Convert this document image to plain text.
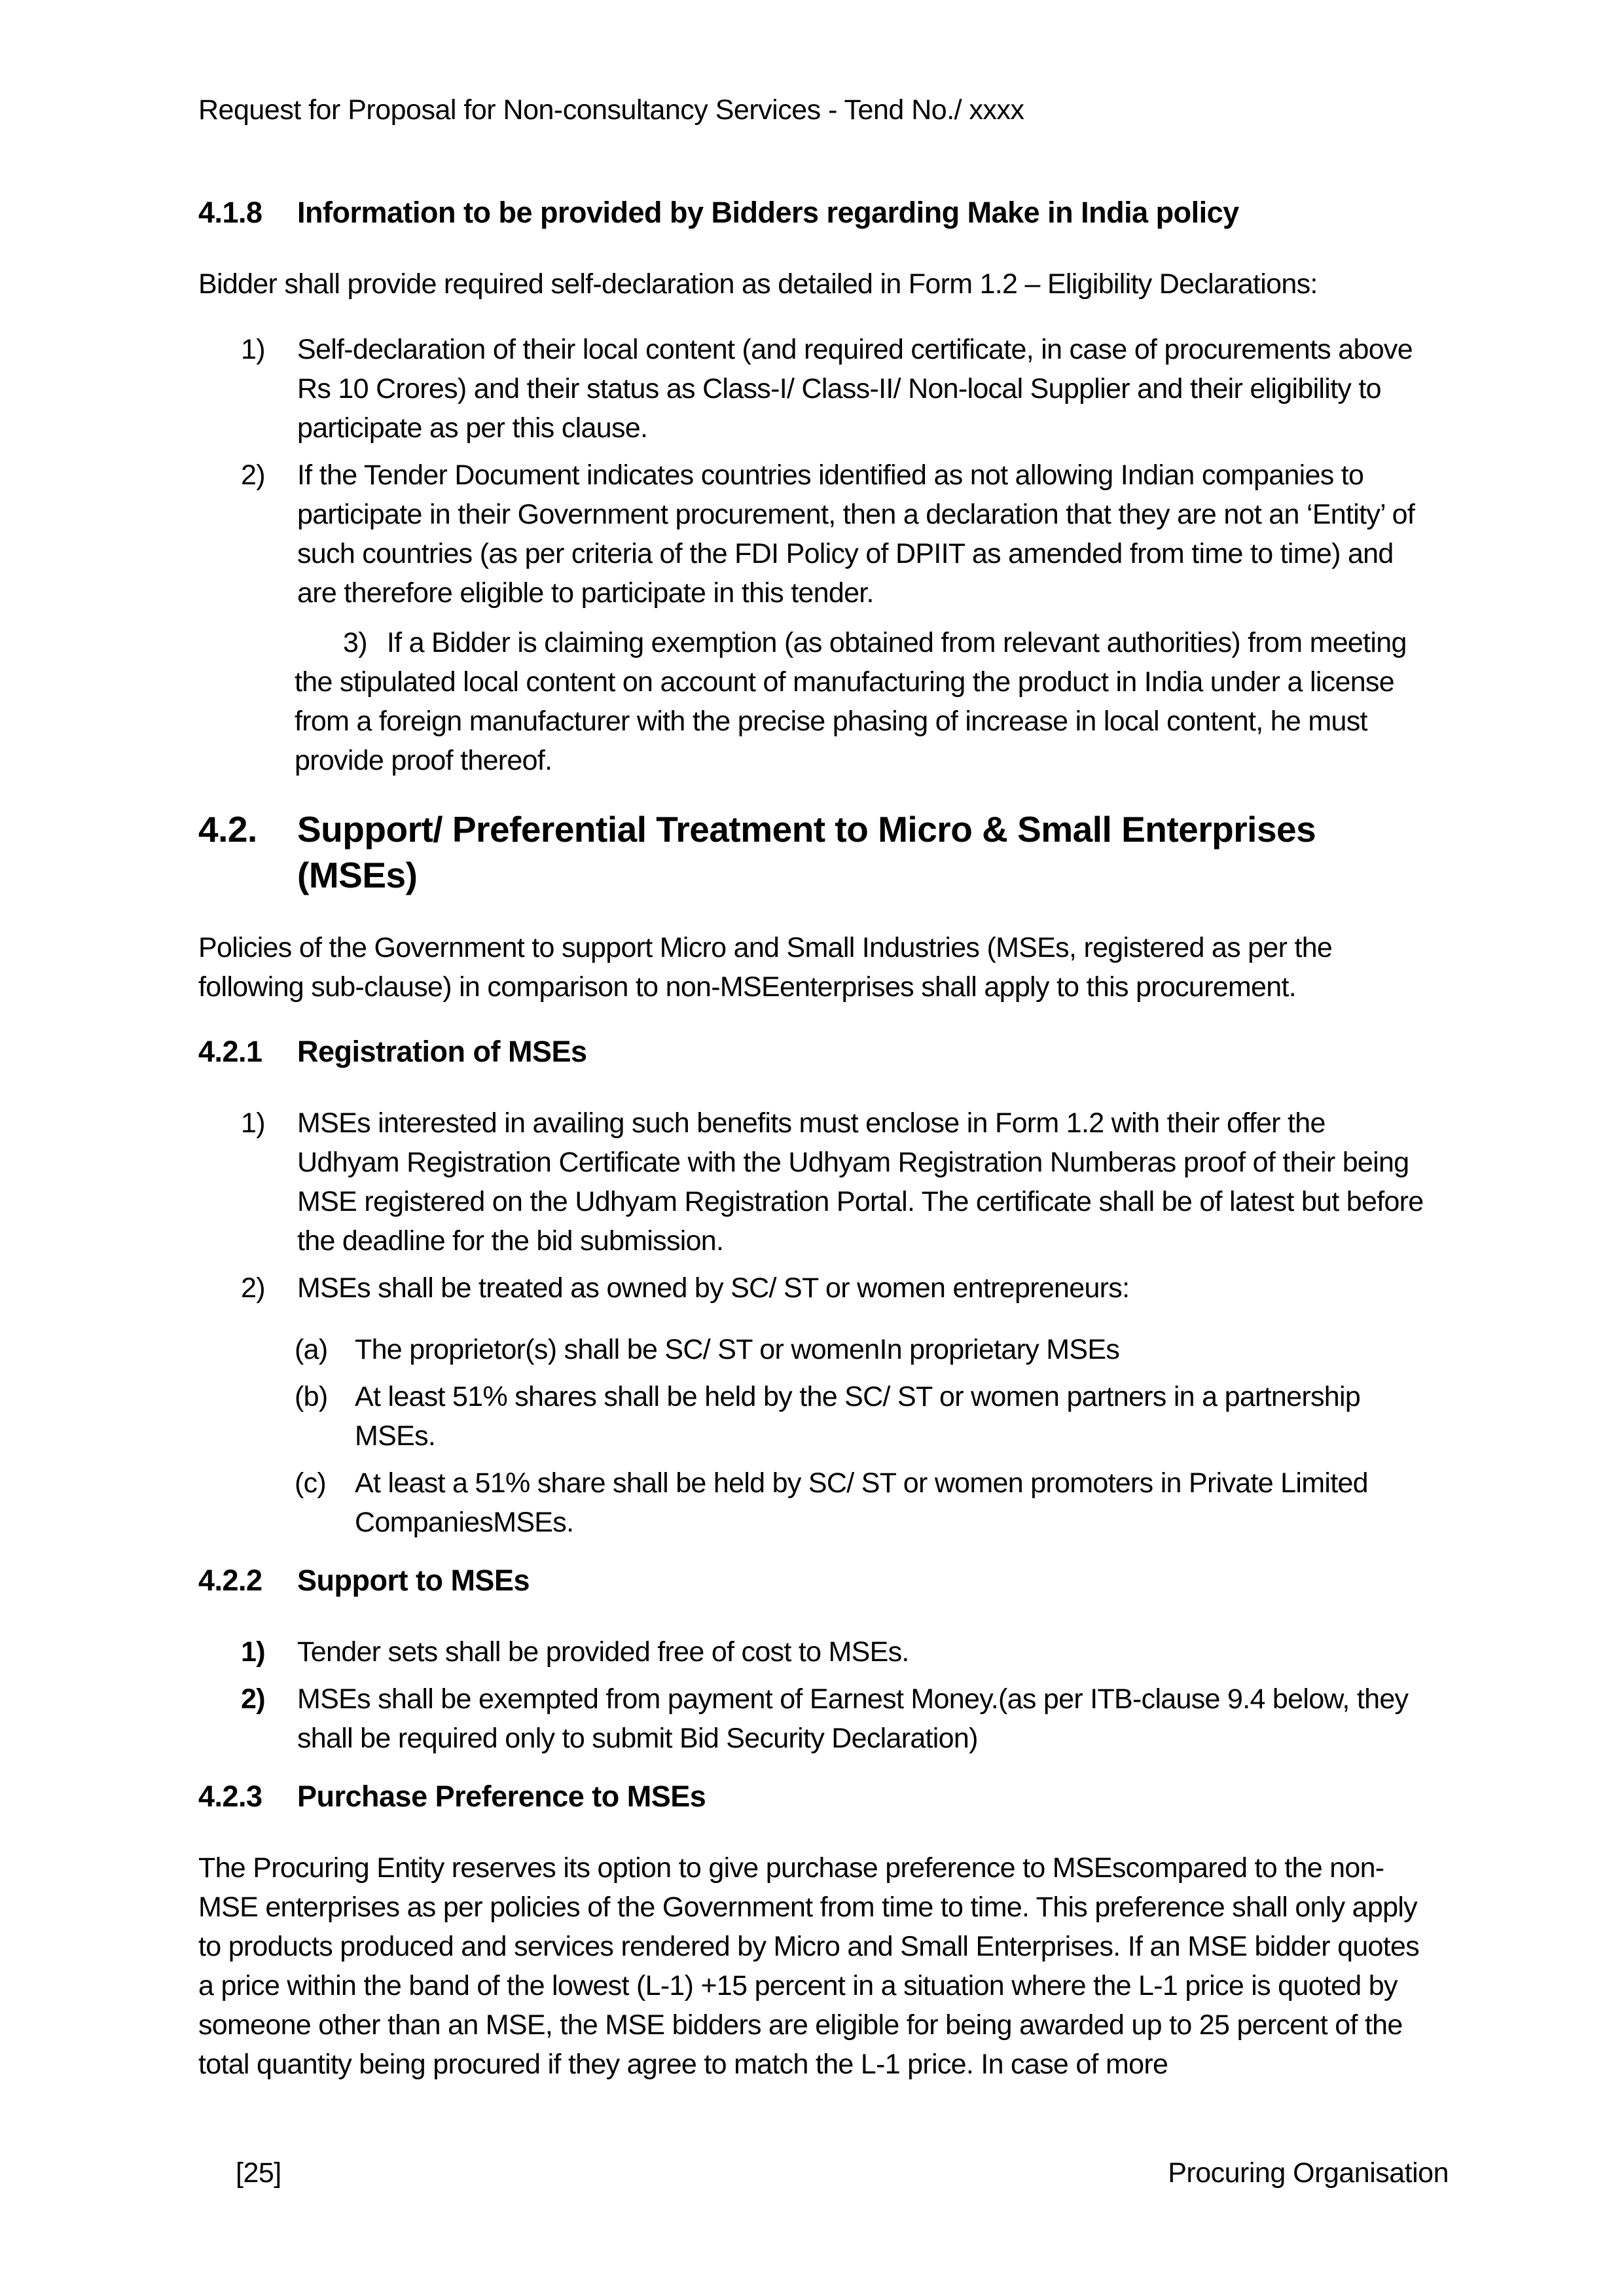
Request for Proposal for Non-consultancy Services - Tend No./ xxxx
4.1.8	Information to be provided by Bidders regarding Make in India policy

Bidder shall provide required self-declaration as detailed in Form 1.2 – Eligibility Declarations:

1)	Self-declaration of their local content (and required certificate, in case of procurements above Rs 10 Crores) and their status as Class-I/ Class-II/ Non-local Supplier and their eligibility to participate as per this clause.
2)	If the Tender Document indicates countries identified as not allowing Indian companies to participate in their Government procurement, then a declaration that they are not an ‘Entity’ of such countries (as per criteria of the FDI Policy of DPIIT as amended from time to time) and are therefore eligible to participate in this tender.

3) If a Bidder is claiming exemption (as obtained from relevant authorities) from meeting the stipulated local content on account of manufacturing the product in India under a license from a foreign manufacturer with the precise phasing of increase in local content, he must provide proof thereof.

4.2.	Support/ Preferential Treatment to Micro & Small Enterprises (MSEs)

Policies of the Government to support Micro and Small Industries (MSEs, registered as per the following sub-clause) in comparison to non-MSEenterprises shall apply to this procurement.

4.2.1	Registration of MSEs
1)	MSEs interested in availing such benefits must enclose in Form 1.2 with their offer the Udhyam Registration Certificate with the Udhyam Registration Numberas proof of their being MSE registered on the Udhyam Registration Portal. The certificate shall be of latest but before the deadline for the bid submission.
2)	MSEs shall be treated as owned by SC/ ST or women entrepreneurs:
(a) The proprietor(s) shall be SC/ ST or womenIn proprietary MSEs
(b) At least 51% shares shall be held by the SC/ ST or women partners in a partnership MSEs.
(c)	At least a 51% share shall be held by SC/ ST or women promoters in Private Limited CompaniesMSEs.
4.2.2	Support to MSEs
1)	Tender sets shall be provided free of cost to MSEs.
2)	MSEs shall be exempted from payment of Earnest Money.(as per ITB-clause 9.4 below, they shall be required only to submit Bid Security Declaration)
4.2.3	Purchase Preference to MSEs

The Procuring Entity reserves its option to give purchase preference to MSEscompared to the non-MSE enterprises as per policies of the Government from time to time. This preference shall only apply to products produced and services rendered by Micro and Small Enterprises. If an MSE bidder quotes a price within the band of the lowest (L-1) +15 percent in a situation where the L-1 price is quoted by someone other than an MSE, the MSE bidders are eligible for being awarded up to 25 percent of the total quantity being procured if they agree to match the L-1 price. In case of more

[25]	Procuring Organisation
